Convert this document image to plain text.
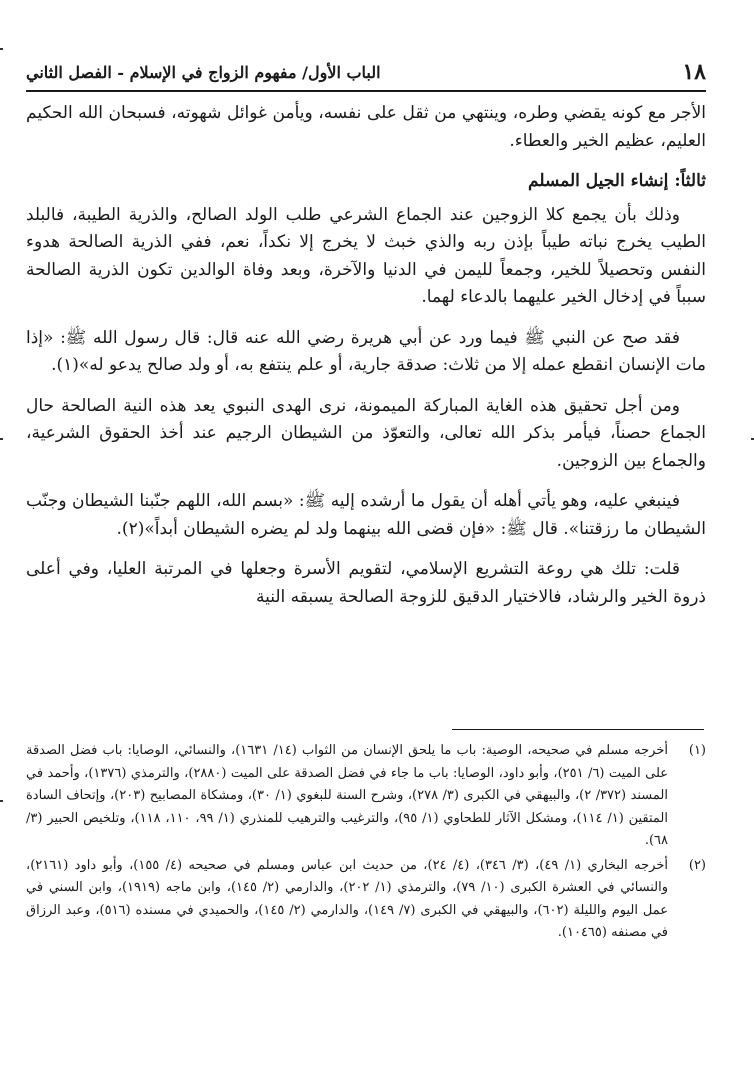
١٨
الباب الأول/ مفهوم الزواج في الإسلام - الفصل الثاني

الأجر مع كونه يقضي وطره، وينتهي من ثقل على نفسه، ويأمن غوائل شهوته، فسبحان الله الحكيم العليم، عظيم الخير والعطاء.

ثالثاً: إنشاء الجيل المسلم

وذلك بأن يجمع كلا الزوجين عند الجماع الشرعي طلب الولد الصالح، والذرية الطيبة، فالبلد الطيب يخرج نباته طيباً بإذن ربه والذي خبث لا يخرج إلا نكداً، نعم، ففي الذرية الصالحة هدوء النفس وتحصيلاً للخير، وجمعاً لليمن في الدنيا والآخرة، وبعد وفاة الوالدين تكون الذرية الصالحة سبباً في إدخال الخير عليهما بالدعاء لهما.

فقد صح عن النبي ﷺ فيما ورد عن أبي هريرة رضي الله عنه قال: قال رسول الله ﷺ: «إذا مات الإنسان انقطع عمله إلا من ثلاث: صدقة جارية، أو علم ينتفع به، أو ولد صالح يدعو له»(١).

ومن أجل تحقيق هذه الغاية المباركة الميمونة، نرى الهدى النبوي يعد هذه النية الصالحة حال الجماع حصناً، فيأمر بذكر الله تعالى، والتعوّذ من الشيطان الرجيم عند أخذ الحقوق الشرعية، والجماع بين الزوجين.

فينبغي عليه، وهو يأتي أهله أن يقول ما أرشده إليه ﷺ: «بسم الله، اللهم جنّبنا الشيطان وجنّب الشيطان ما رزقتنا». قال ﷺ: «فإن قضى الله بينهما ولد لم يضره الشيطان أبداً»(٢).

قلت: تلك هي روعة التشريع الإسلامي، لتقويم الأسرة وجعلها في المرتبة العليا، وفي أعلى ذروة الخير والرشاد، فالاختيار الدقيق للزوجة الصالحة يسبقه النية

(١)
أخرجه مسلم في صحيحه، الوصية: باب ما يلحق الإنسان من الثواب (١٤/ ١٦٣١)، والنسائي، الوصايا: باب فضل الصدقة على الميت (٦/ ٢٥١)، وأبو داود، الوصايا: باب ما جاء في فضل الصدقة على الميت (٢٨٨٠)، والترمذي (١٣٧٦)، وأحمد في المسند (٣٧٢/ ٢)، والبيهقي في الكبرى (٣/ ٢٧٨)، وشرح السنة للبغوي (١/ ٣٠)، ومشكاة المصابيح (٢٠٣)، وإتحاف السادة المتقين (١/ ١١٤)، ومشكل الآثار للطحاوي (١/ ٩٥)، والترغيب والترهيب للمنذري (١/ ٩٩، ١١٠، ١١٨)، وتلخيص الحبير (٣/ ٦٨).
(٢)
أخرجه البخاري (١/ ٤٩)، (٣/ ٣٤٦)، (٤/ ٢٤)، من حديث ابن عباس ومسلم في صحيحه (٤/ ١٥٥)، وأبو داود (٢١٦١)، والنسائي في العشرة الكبرى (١٠/ ٧٩)، والترمذي (١/ ٢٠٢)، والدارمي (٢/ ١٤٥)، وابن ماجه (١٩١٩)، وابن السني في عمل اليوم والليلة (٦٠٢)، والبيهقي في الكبرى (٧/ ١٤٩)، والدارمي (٢/ ١٤٥)، والحميدي في مسنده (٥١٦)، وعبد الرزاق في مصنفه (١٠٤٦٥).
